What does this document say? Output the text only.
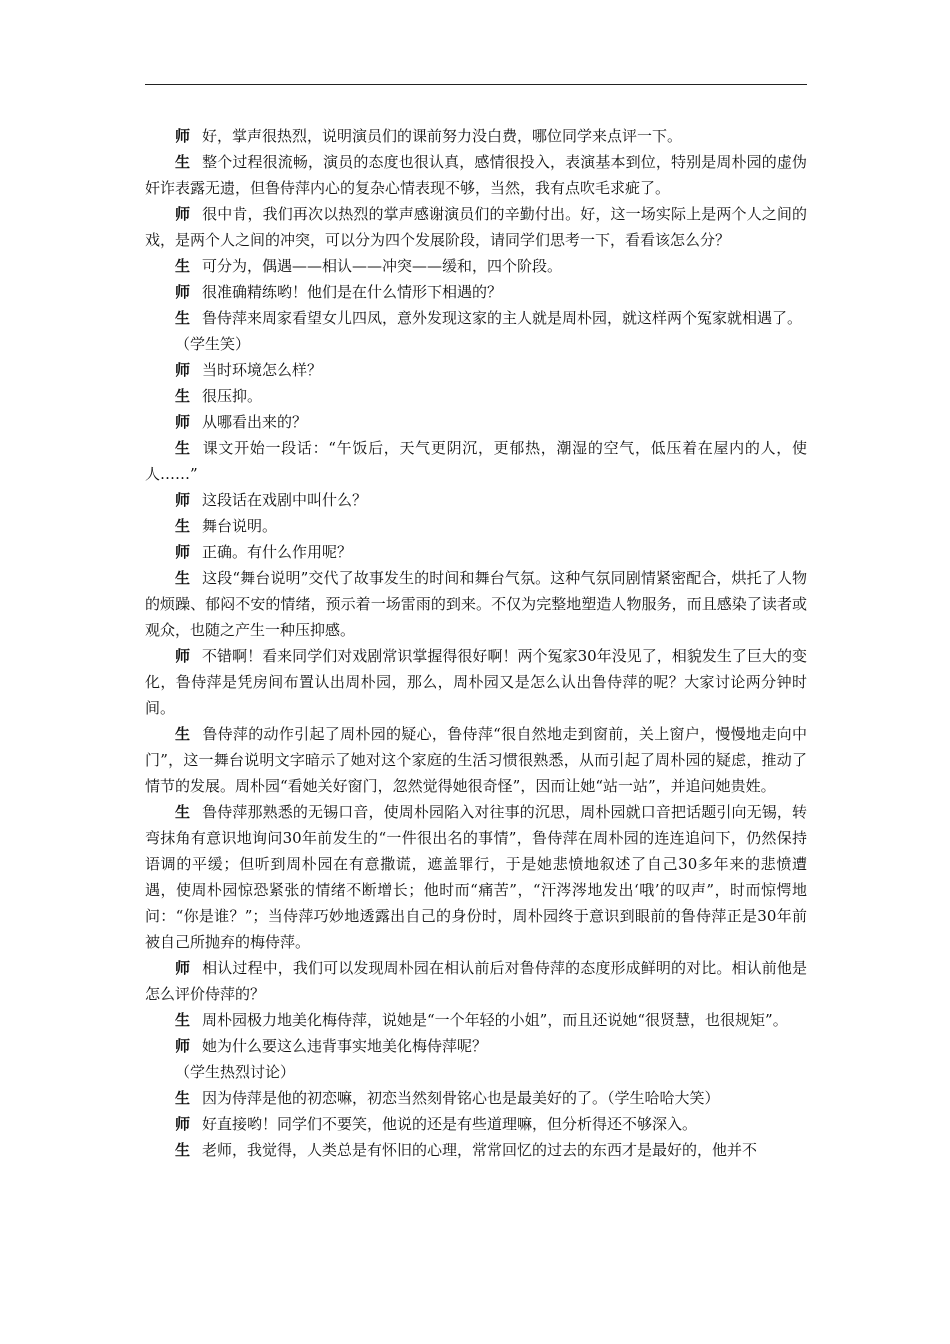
师 好，掌声很热烈，说明演员们的课前努力没白费，哪位同学来点评一下。

生 整个过程很流畅，演员的态度也很认真，感情很投入，表演基本到位，特别是周朴园的虚伪奸诈表露无遗，但鲁侍萍内心的复杂心情表现不够，当然，我有点吹毛求疵了。

师 很中肯，我们再次以热烈的掌声感谢演员们的辛勤付出。好，这一场实际上是两个人之间的戏，是两个人之间的冲突，可以分为四个发展阶段，请同学们思考一下，看看该怎么分？

生 可分为，偶遇——相认——冲突——缓和，四个阶段。

师 很准确精练哟！他们是在什么情形下相遇的？

生 鲁侍萍来周家看望女儿四凤，意外发现这家的主人就是周朴园，就这样两个冤家就相遇了。

（学生笑）

师 当时环境怎么样？

生 很压抑。

师 从哪看出来的？

生 课文开始一段话：“午饭后，天气更阴沉，更郁热，潮湿的空气，低压着在屋内的人，使人……”

师 这段话在戏剧中叫什么？

生 舞台说明。

师 正确。有什么作用呢？

生 这段“舞台说明”交代了故事发生的时间和舞台气氛。这种气氛同剧情紧密配合，烘托了人物的烦躁、郁闷不安的情绪，预示着一场雷雨的到来。不仅为完整地塑造人物服务，而且感染了读者或观众，也随之产生一种压抑感。

师 不错啊！看来同学们对戏剧常识掌握得很好啊！两个冤家30年没见了，相貌发生了巨大的变化，鲁侍萍是凭房间布置认出周朴园，那么，周朴园又是怎么认出鲁侍萍的呢？大家讨论两分钟时间。

生 鲁侍萍的动作引起了周朴园的疑心，鲁侍萍“很自然地走到窗前，关上窗户，慢慢地走向中门”，这一舞台说明文字暗示了她对这个家庭的生活习惯很熟悉，从而引起了周朴园的疑虑，推动了情节的发展。周朴园“看她关好窗门，忽然觉得她很奇怪”，因而让她“站一站”，并追问她贵姓。

生 鲁侍萍那熟悉的无锡口音，使周朴园陷入对往事的沉思，周朴园就口音把话题引向无锡，转弯抹角有意识地询问30年前发生的“一件很出名的事情”，鲁侍萍在周朴园的连连追问下，仍然保持语调的平缓；但听到周朴园在有意撒谎，遮盖罪行，于是她悲愤地叙述了自己30多年来的悲愤遭遇，使周朴园惊恐紧张的情绪不断增长；他时而“痛苦”，“汗涔涔地发出‘哦’的叹声”，时而惊愕地问：“你是谁？”；当侍萍巧妙地透露出自己的身份时，周朴园终于意识到眼前的鲁侍萍正是30年前被自己所抛弃的梅侍萍。

师 相认过程中，我们可以发现周朴园在相认前后对鲁侍萍的态度形成鲜明的对比。相认前他是怎么评价侍萍的？

生 周朴园极力地美化梅侍萍，说她是“一个年轻的小姐”，而且还说她“很贤慧，也很规矩”。

师 她为什么要这么违背事实地美化梅侍萍呢？

（学生热烈讨论）

生 因为侍萍是他的初恋嘛，初恋当然刻骨铭心也是最美好的了。（学生哈哈大笑）

师 好直接哟！同学们不要笑，他说的还是有些道理嘛，但分析得还不够深入。

生 老师，我觉得，人类总是有怀旧的心理，常常回忆的过去的东西才是最好的，他并不
